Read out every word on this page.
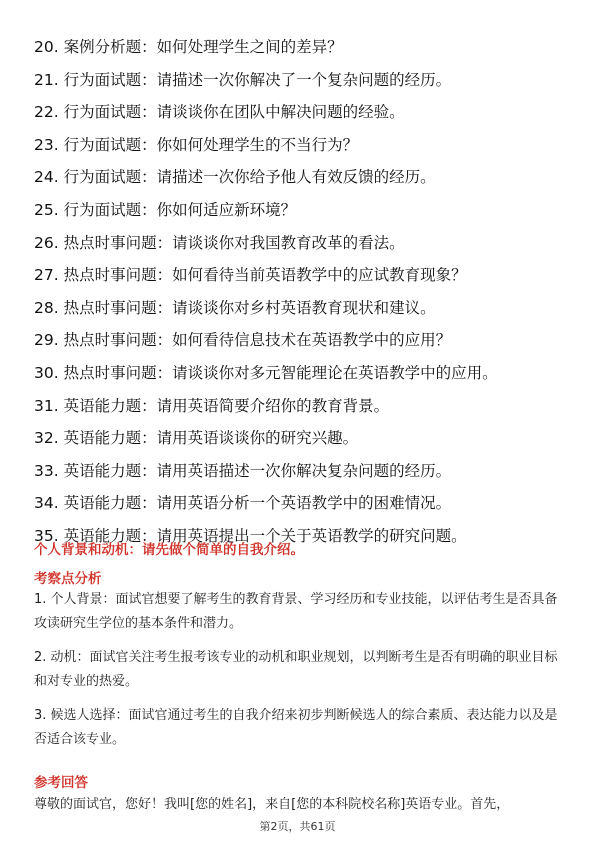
20. 案例分析题：如何处理学生之间的差异？
21. 行为面试题：请描述一次你解决了一个复杂问题的经历。
22. 行为面试题：请谈谈你在团队中解决问题的经验。
23. 行为面试题：你如何处理学生的不当行为？
24. 行为面试题：请描述一次你给予他人有效反馈的经历。
25. 行为面试题：你如何适应新环境？
26. 热点时事问题：请谈谈你对我国教育改革的看法。
27. 热点时事问题：如何看待当前英语教学中的应试教育现象？
28. 热点时事问题：请谈谈你对乡村英语教育现状和建议。
29. 热点时事问题：如何看待信息技术在英语教学中的应用？
30. 热点时事问题：请谈谈你对多元智能理论在英语教学中的应用。
31. 英语能力题：请用英语简要介绍你的教育背景。
32. 英语能力题：请用英语谈谈你的研究兴趣。
33. 英语能力题：请用英语描述一次你解决复杂问题的经历。
34. 英语能力题：请用英语分析一个英语教学中的困难情况。
35. 英语能力题：请用英语提出一个关于英语教学的研究问题。
个人背景和动机：请先做个简单的自我介绍。
考察点分析
1. 个人背景：面试官想要了解考生的教育背景、学习经历和专业技能，以评估考生是否具备攻读研究生学位的基本条件和潜力。
2. 动机：面试官关注考生报考该专业的动机和职业规划，以判断考生是否有明确的职业目标和对专业的热爱。
3. 候选人选择：面试官通过考生的自我介绍来初步判断候选人的综合素质、表达能力以及是否适合该专业。
参考回答
尊敬的面试官，您好！我叫[您的姓名]，来自[您的本科院校名称]英语专业。首先，
第2页，共61页
